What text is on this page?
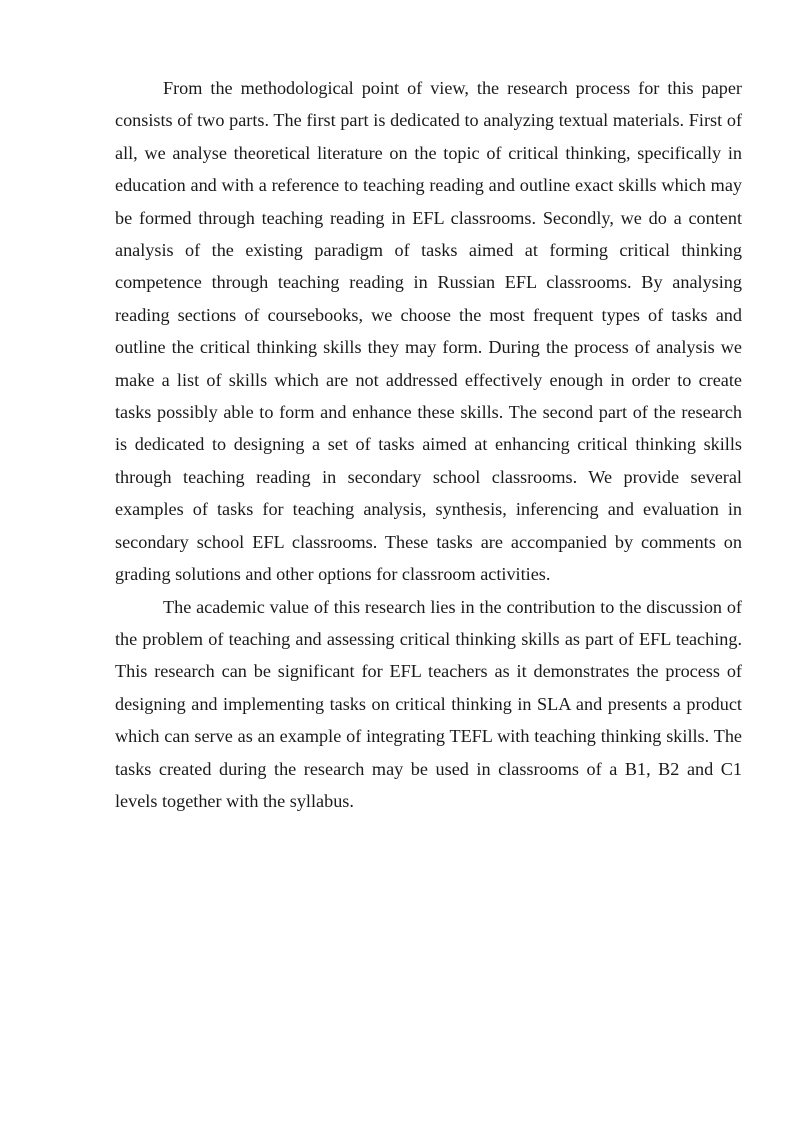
From the methodological point of view, the research process for this paper consists of two parts. The first part is dedicated to analyzing textual materials. First of all, we analyse theoretical literature on the topic of critical thinking, specifically in education and with a reference to teaching reading and outline exact skills which may be formed through teaching reading in EFL classrooms. Secondly, we do a content analysis of the existing paradigm of tasks aimed at forming critical thinking competence through teaching reading in Russian EFL classrooms. By analysing reading sections of coursebooks, we choose the most frequent types of tasks and outline the critical thinking skills they may form. During the process of analysis we make a list of skills which are not addressed effectively enough in order to create tasks possibly able to form and enhance these skills. The second part of the research is dedicated to designing a set of tasks aimed at enhancing critical thinking skills through teaching reading in secondary school classrooms. We provide several examples of tasks for teaching analysis, synthesis, inferencing and evaluation in secondary school EFL classrooms. These tasks are accompanied by comments on grading solutions and other options for classroom activities.

The academic value of this research lies in the contribution to the discussion of the problem of teaching and assessing critical thinking skills as part of EFL teaching. This research can be significant for EFL teachers as it demonstrates the process of designing and implementing tasks on critical thinking in SLA and presents a product which can serve as an example of integrating TEFL with teaching thinking skills. The tasks created during the research may be used in classrooms of a B1, B2 and C1 levels together with the syllabus.
